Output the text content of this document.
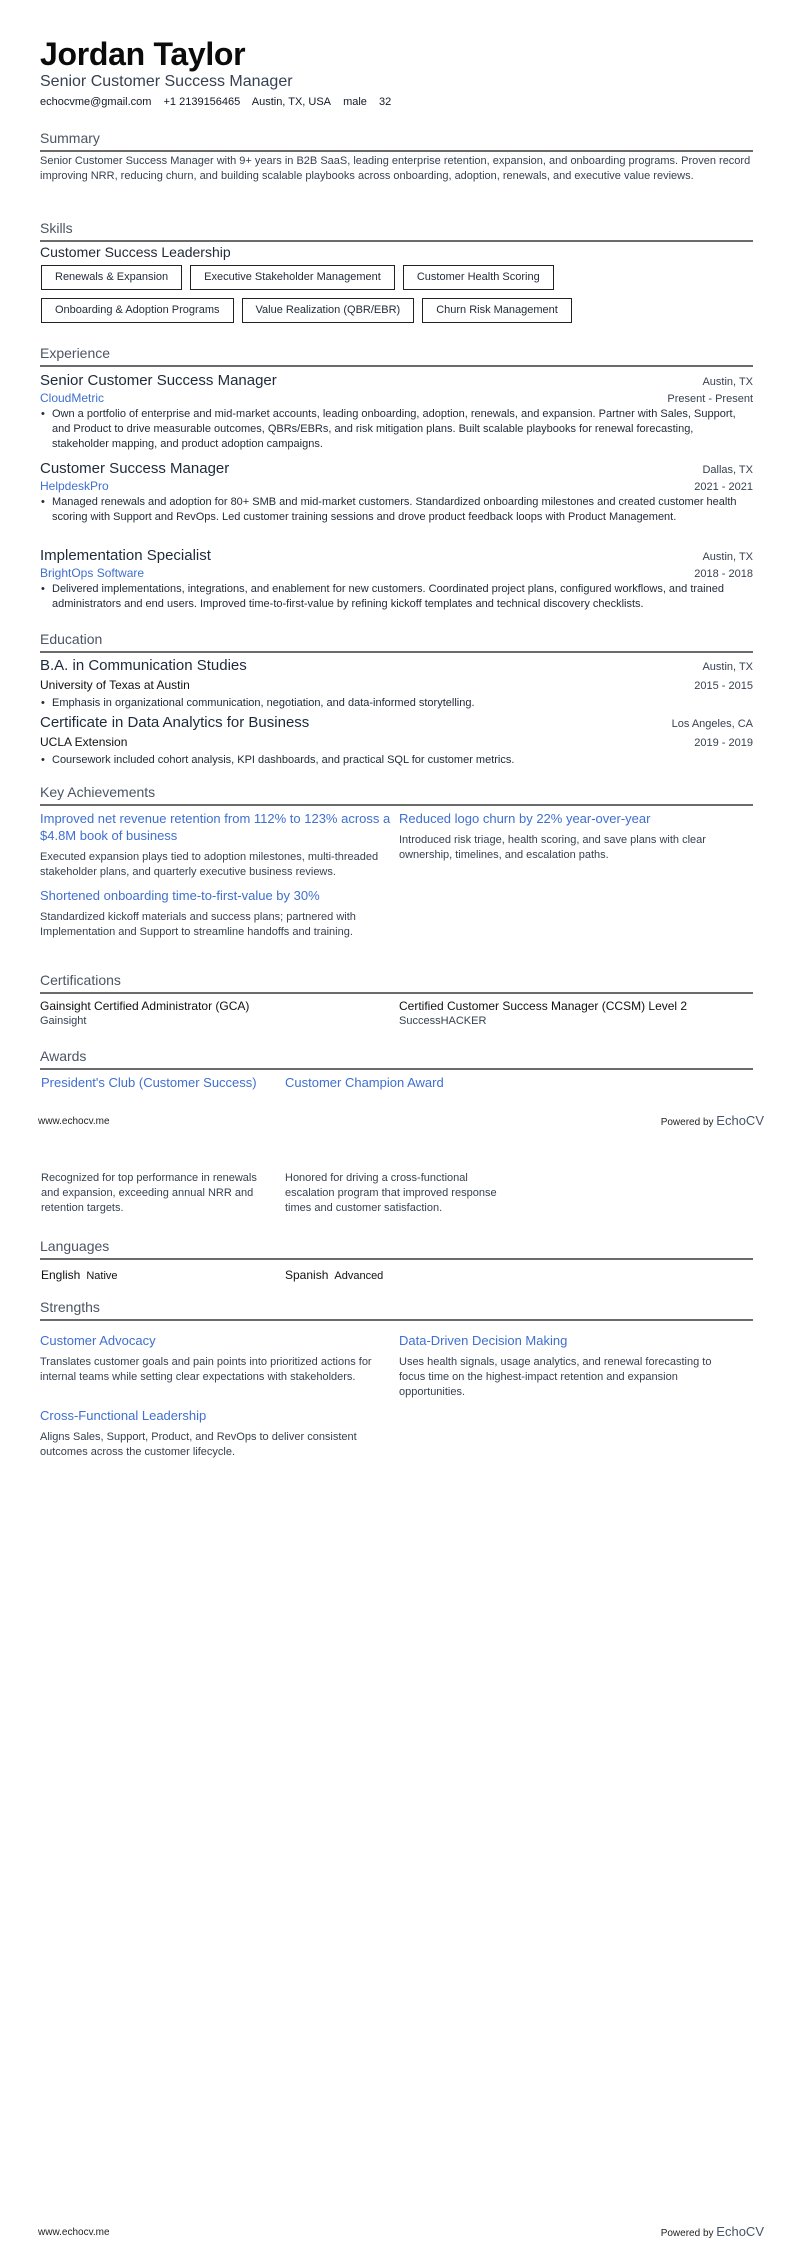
Jordan Taylor
Senior Customer Success Manager
echocvme@gmail.com +1 2139156465 Austin, TX, USA male 32
Summary
Senior Customer Success Manager with 9+ years in B2B SaaS, leading enterprise retention, expansion, and onboarding programs. Proven record improving NRR, reducing churn, and building scalable playbooks across onboarding, adoption, renewals, and executive value reviews.
Skills
Customer Success Leadership
Renewals & Expansion	Executive Stakeholder Management	Customer Health Scoring
Onboarding & Adoption Programs	Value Realization (QBR/EBR)	Churn Risk Management
Experience
Senior Customer Success Manager	Austin, TX
CloudMetric	Present - Present
• Own a portfolio of enterprise and mid-market accounts, leading onboarding, adoption, renewals, and expansion. Partner with Sales, Support, and Product to drive measurable outcomes, QBRs/EBRs, and risk mitigation plans. Built scalable playbooks for renewal forecasting, stakeholder mapping, and product adoption campaigns.
Customer Success Manager	Dallas, TX
HelpdeskPro	2021 - 2021
• Managed renewals and adoption for 80+ SMB and mid-market customers. Standardized onboarding milestones and created customer health scoring with Support and RevOps. Led customer training sessions and drove product feedback loops with Product Management.
Implementation Specialist	Austin, TX
BrightOps Software	2018 - 2018
• Delivered implementations, integrations, and enablement for new customers. Coordinated project plans, configured workflows, and trained administrators and end users. Improved time-to-first-value by refining kickoff templates and technical discovery checklists.
Education
B.A. in Communication Studies	Austin, TX
University of Texas at Austin	2015 - 2015
• Emphasis in organizational communication, negotiation, and data-informed storytelling.
Certificate in Data Analytics for Business	Los Angeles, CA
UCLA Extension	2019 - 2019
• Coursework included cohort analysis, KPI dashboards, and practical SQL for customer metrics.
Key Achievements
Improved net revenue retention from 112% to 123% across a $4.8M book of business
Executed expansion plays tied to adoption milestones, multi-threaded stakeholder plans, and quarterly executive business reviews.
Reduced logo churn by 22% year-over-year
Introduced risk triage, health scoring, and save plans with clear ownership, timelines, and escalation paths.
Shortened onboarding time-to-first-value by 30%
Standardized kickoff materials and success plans; partnered with Implementation and Support to streamline handoffs and training.
Certifications
Gainsight Certified Administrator (GCA)
Gainsight
Certified Customer Success Manager (CCSM) Level 2
SuccessHACKER
Awards
President's Club (Customer Success) Customer Champion Award
www.echocv.me	Powered by EchoCV
Recognized for top performance in renewals and expansion, exceeding annual NRR and retention targets.
Honored for driving a cross-functional escalation program that improved response times and customer satisfaction.
Languages
English Native	Spanish Advanced
Strengths
Customer Advocacy
Translates customer goals and pain points into prioritized actions for internal teams while setting clear expectations with stakeholders.
Data-Driven Decision Making
Uses health signals, usage analytics, and renewal forecasting to focus time on the highest-impact retention and expansion opportunities.
Cross-Functional Leadership
Aligns Sales, Support, Product, and RevOps to deliver consistent outcomes across the customer lifecycle.
www.echocv.me	Powered by EchoCV
